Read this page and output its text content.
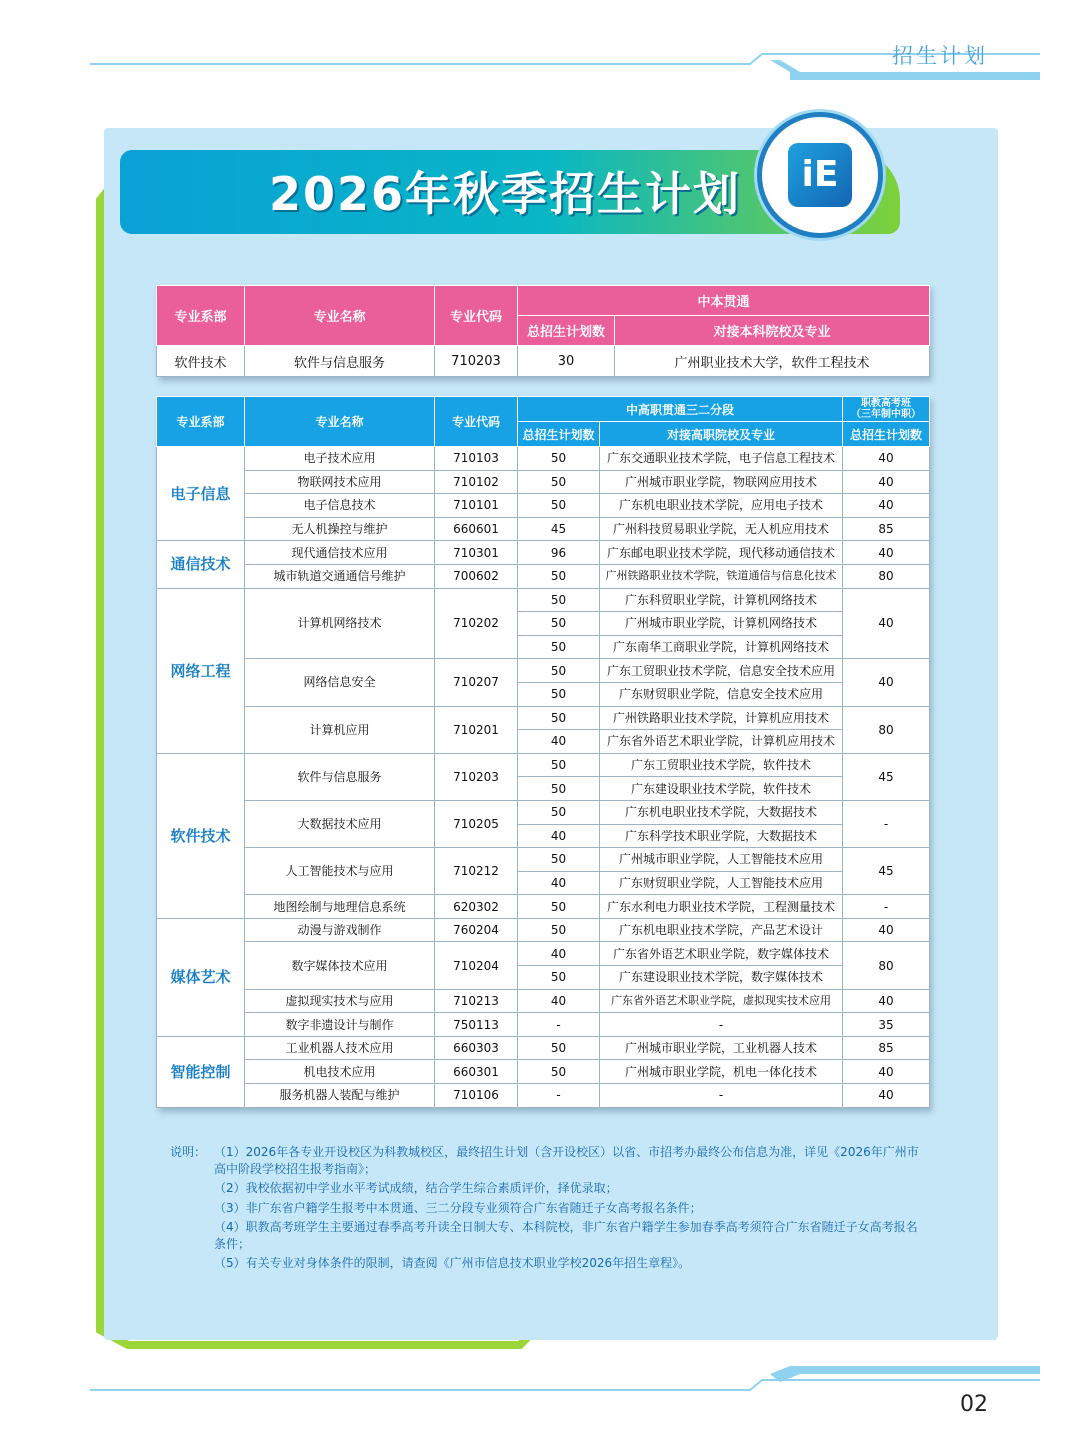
招生计划
2026年秋季招生计划	iE
专业系部	专业名称	专业代码	中本贯通	
			总招生计划数	对接本科院校及专业
软件技术	软件与信息服务	710203	30	广州职业技术大学，软件工程技术
专业系部	专业名称	专业代码	中高职贯通三二分段		职教高考班
（三年制中职）

			总招生计划数	对接高职院校及专业	总招生计划数
电子信息	电子技术应用	710103	50	广东交通职业技术学院，电子信息工程技术	40
	物联网技术应用	710102	50	广州城市职业学院，物联网应用技术	40
	电子信息技术	710101	50	广东机电职业技术学院，应用电子技术	40
	无人机操控与维护	660601	45	广州科技贸易职业学院，无人机应用技术	85
通信技术	现代通信技术应用	710301	96	广东邮电职业技术学院，现代移动通信技术	40
	城市轨道交通通信号维护	700602	50	广州铁路职业技术学院，铁道通信与信息化技术	80
网络工程	计算机网络技术	710202	50	广东科贸职业学院，计算机网络技术	40
			50	广州城市职业学院，计算机网络技术	
			50	广东南华工商职业学院，计算机网络技术	
	网络信息安全	710207	50	广东工贸职业技术学院，信息安全技术应用	40
			50	广东财贸职业学院，信息安全技术应用	
	计算机应用	710201	50	广州铁路职业技术学院，计算机应用技术	80
			40	广东省外语艺术职业学院，计算机应用技术	
软件技术	软件与信息服务	710203	50	广东工贸职业技术学院，软件技术	45
			50	广东建设职业技术学院，软件技术	
	大数据技术应用	710205	50	广东机电职业技术学院，大数据技术	-
			40	广东科学技术职业学院，大数据技术	
	人工智能技术与应用	710212	50	广州城市职业学院，人工智能技术应用	45
			40	广东财贸职业学院，人工智能技术应用	
	地图绘制与地理信息系统	620302	50	广东水利电力职业技术学院，工程测量技术	-
媒体艺术	动漫与游戏制作	760204	50	广东机电职业技术学院，产品艺术设计	40
	数字媒体技术应用	710204	40	广东省外语艺术职业学院，数字媒体技术	80
			50	广东建设职业技术学院，数字媒体技术	
	虚拟现实技术与应用	710213	40	广东省外语艺术职业学院，虚拟现实技术应用	40
	数字非遗设计与制作	750113	-	-	35
智能控制	工业机器人技术应用	660303	50	广州城市职业学院，工业机器人技术	85
	机电技术应用	660301	50	广州城市职业学院，机电一体化技术	40
	服务机器人装配与维护	710106	-	-	40
说明： （1）2026年各专业开设校区为科教城校区，最终招生计划（含开设校区）以省、市招考办最终公布信息为准，详见《2026年广州市高中阶段学校招生报考指南》；
（2）我校依据初中学业水平考试成绩，结合学生综合素质评价，择优录取；
（3）非广东省户籍学生报考中本贯通、三二分段专业须符合广东省随迁子女高考报名条件；
（4）职教高考班学生主要通过春季高考升读全日制大专、本科院校，非广东省户籍学生参加春季高考须符合广东省随迁子女高考报名条件；
（5）有关专业对身体条件的限制，请查阅《广州市信息技术职业学校2026年招生章程》。
02
